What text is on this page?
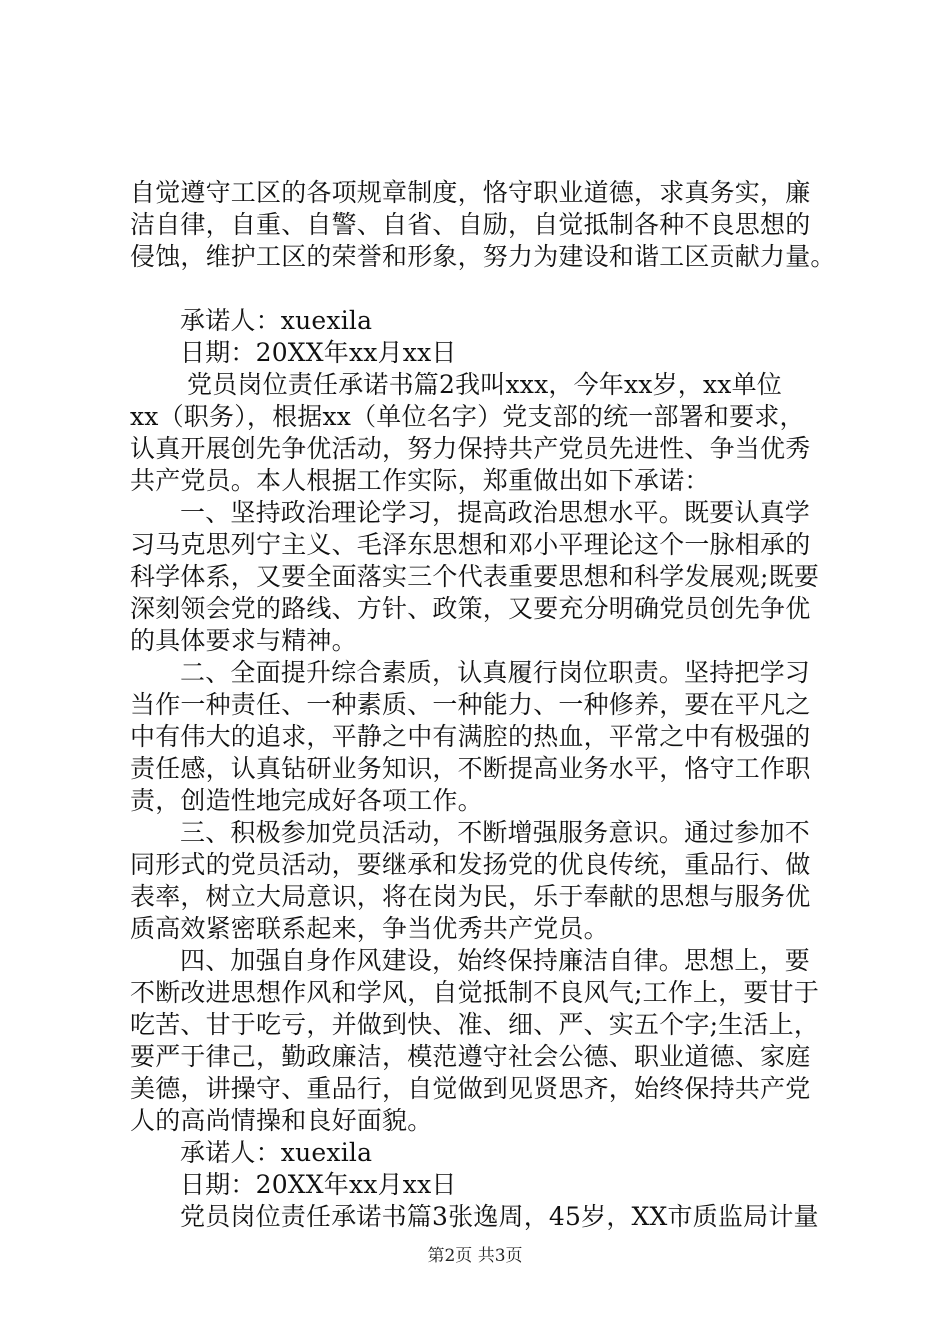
自觉遵守工区的各项规章制度，恪守职业道德，求真务实，廉
洁自律，自重、自警、自省、自励，自觉抵制各种不良思想的
侵蚀，维护工区的荣誉和形象，努力为建设和谐工区贡献力量。
承诺人：xuexila
日期：20XX年xx月xx日
党员岗位责任承诺书篇2我叫xxx，今年xx岁，xx单位
xx（职务），根据xx（单位名字）党支部的统一部署和要求，
认真开展创先争优活动，努力保持共产党员先进性、争当优秀
共产党员。本人根据工作实际，郑重做出如下承诺：
一、坚持政治理论学习，提高政治思想水平。既要认真学
习马克思列宁主义、毛泽东思想和邓小平理论这个一脉相承的
科学体系，又要全面落实三个代表重要思想和科学发展观;既要
深刻领会党的路线、方针、政策，又要充分明确党员创先争优
的具体要求与精神。
二、全面提升综合素质，认真履行岗位职责。坚持把学习
当作一种责任、一种素质、一种能力、一种修养，要在平凡之
中有伟大的追求，平静之中有满腔的热血，平常之中有极强的
责任感，认真钻研业务知识，不断提高业务水平，恪守工作职
责，创造性地完成好各项工作。
三、积极参加党员活动，不断增强服务意识。通过参加不
同形式的党员活动，要继承和发扬党的优良传统，重品行、做
表率，树立大局意识，将在岗为民，乐于奉献的思想与服务优
质高效紧密联系起来，争当优秀共产党员。
四、加强自身作风建设，始终保持廉洁自律。思想上，要
不断改进思想作风和学风，自觉抵制不良风气;工作上，要甘于
吃苦、甘于吃亏，并做到快、准、细、严、实五个字;生活上，
要严于律己，勤政廉洁，模范遵守社会公德、职业道德、家庭
美德，讲操守、重品行，自觉做到见贤思齐，始终保持共产党
人的高尚情操和良好面貌。
承诺人：xuexila
日期：20XX年xx月xx日
党员岗位责任承诺书篇3张逸周，45岁，XX市质监局计量
第2页 共3页
